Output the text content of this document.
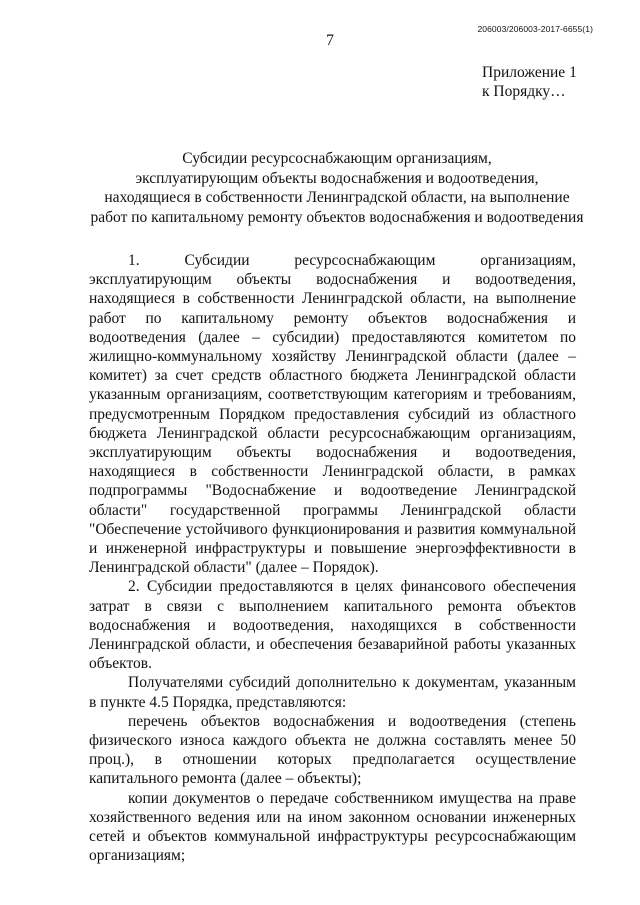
206003/206003-2017-6655(1)
7
Приложение 1
к Порядку…
Субсидии ресурсоснабжающим организациям,
эксплуатирующим объекты водоснабжения и водоотведения,
находящиеся в собственности Ленинградской области, на выполнение
работ по капитальному ремонту объектов водоснабжения и водоотведения

1. Субсидии ресурсоснабжающим организациям, эксплуатирующим объекты водоснабжения и водоотведения, находящиеся в собственности Ленинградской области, на выполнение работ по капитальному ремонту объектов водоснабжения и водоотведения (далее – субсидии) предоставляются комитетом по жилищно-коммунальному хозяйству Ленинградской области (далее – комитет) за счет средств областного бюджета Ленинградской области указанным организациям, соответствующим категориям и требованиям, предусмотренным Порядком предоставления субсидий из областного бюджета Ленинградской области ресурсоснабжающим организациям, эксплуатирующим объекты водоснабжения и водоотведения, находящиеся в собственности Ленинградской области, в рамках подпрограммы "Водоснабжение и водоотведение Ленинградской области" государственной программы Ленинградской области "Обеспечение устойчивого функционирования и развития коммунальной и инженерной инфраструктуры и повышение энергоэффективности в Ленинградской области" (далее – Порядок).

2. Субсидии предоставляются в целях финансового обеспечения затрат в связи с выполнением капитального ремонта объектов водоснабжения и водоотведения, находящихся в собственности Ленинградской области, и обеспечения безаварийной работы указанных объектов.

Получателями субсидий дополнительно к документам, указанным в пункте 4.5 Порядка, представляются:

перечень объектов водоснабжения и водоотведения (степень физического износа каждого объекта не должна составлять менее 50 проц.), в отношении которых предполагается осуществление капитального ремонта (далее – объекты);

копии документов о передаче собственником имущества на праве хозяйственного ведения или на ином законном основании инженерных сетей и объектов коммунальной инфраструктуры ресурсоснабжающим организациям;
